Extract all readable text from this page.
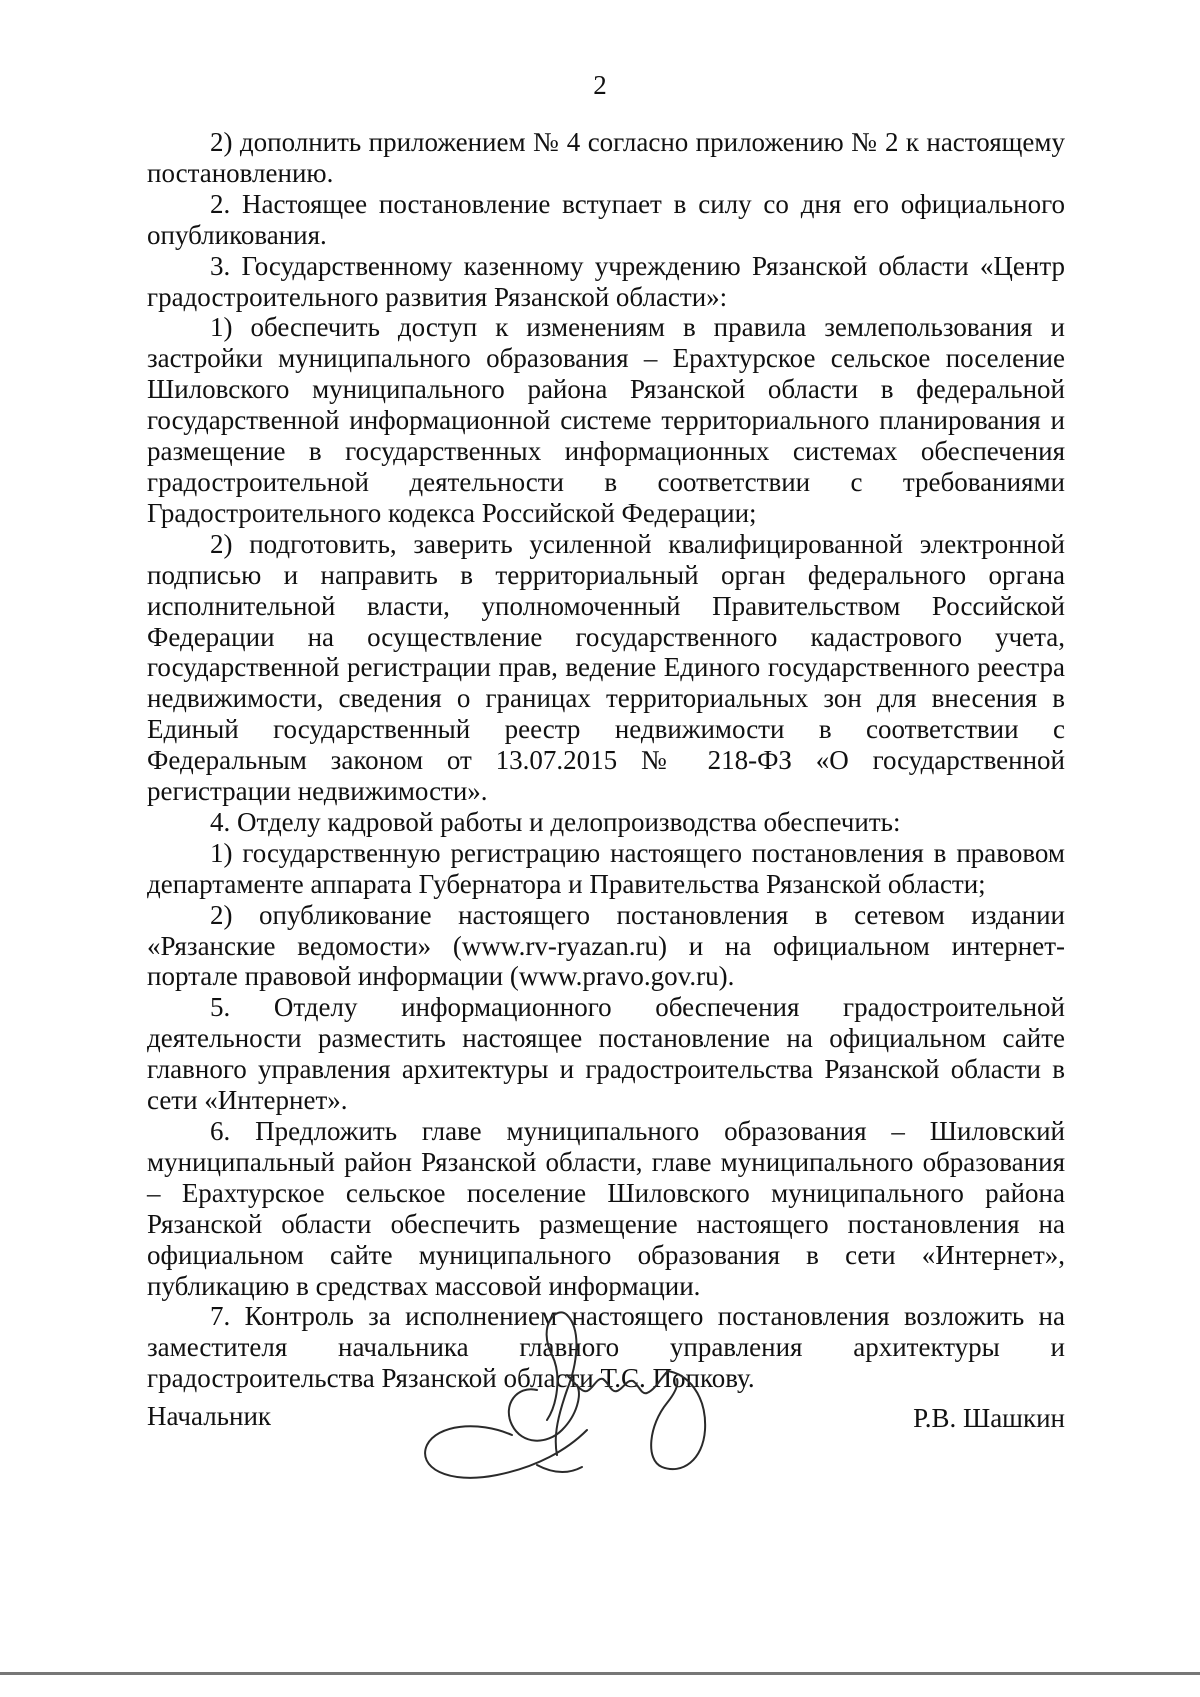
2

2) дополнить приложением № 4 согласно приложению № 2 к настоящему постановлению.

2. Настоящее постановление вступает в силу со дня его официального опубликования.

3. Государственному казенному учреждению Рязанской области «Центр градостроительного развития Рязанской области»:

1) обеспечить доступ к изменениям в правила землепользования и застройки муниципального образования – Ерахтурское сельское поселение Шиловского муниципального района Рязанской области в федеральной государственной информационной системе территориального планирования и размещение в государственных информационных системах обеспечения градостроительной деятельности в соответствии с требованиями Градостроительного кодекса Российской Федерации;

2) подготовить, заверить усиленной квалифицированной электронной подписью и направить в территориальный орган федерального органа исполнительной власти, уполномоченный Правительством Российской Федерации на осуществление государственного кадастрового учета, государственной регистрации прав, ведение Единого государственного реестра недвижимости, сведения о границах территориальных зон для внесения в Единый государственный реестр недвижимости в соответствии с Федеральным законом от 13.07.2015 № 218-ФЗ «О государственной регистрации недвижимости».

4. Отделу кадровой работы и делопроизводства обеспечить:

1) государственную регистрацию настоящего постановления в правовом департаменте аппарата Губернатора и Правительства Рязанской области;

2) опубликование настоящего постановления в сетевом издании «Рязанские ведомости» (www.rv-ryazan.ru) и на официальном интернет-портале правовой информации (www.pravo.gov.ru).

5. Отделу информационного обеспечения градостроительной деятельности разместить настоящее постановление на официальном сайте главного управления архитектуры и градостроительства Рязанской области в сети «Интернет».

6. Предложить главе муниципального образования – Шиловский муниципальный район Рязанской области, главе муниципального образования – Ерахтурское сельское поселение Шиловского муниципального района Рязанской области обеспечить размещение настоящего постановления на официальном сайте муниципального образования в сети «Интернет», публикацию в средствах массовой информации.

7. Контроль за исполнением настоящего постановления возложить на заместителя начальника главного управления архитектуры и градостроительства Рязанской области Т.С. Попкову.

Начальник	Р.В. Шашкин
